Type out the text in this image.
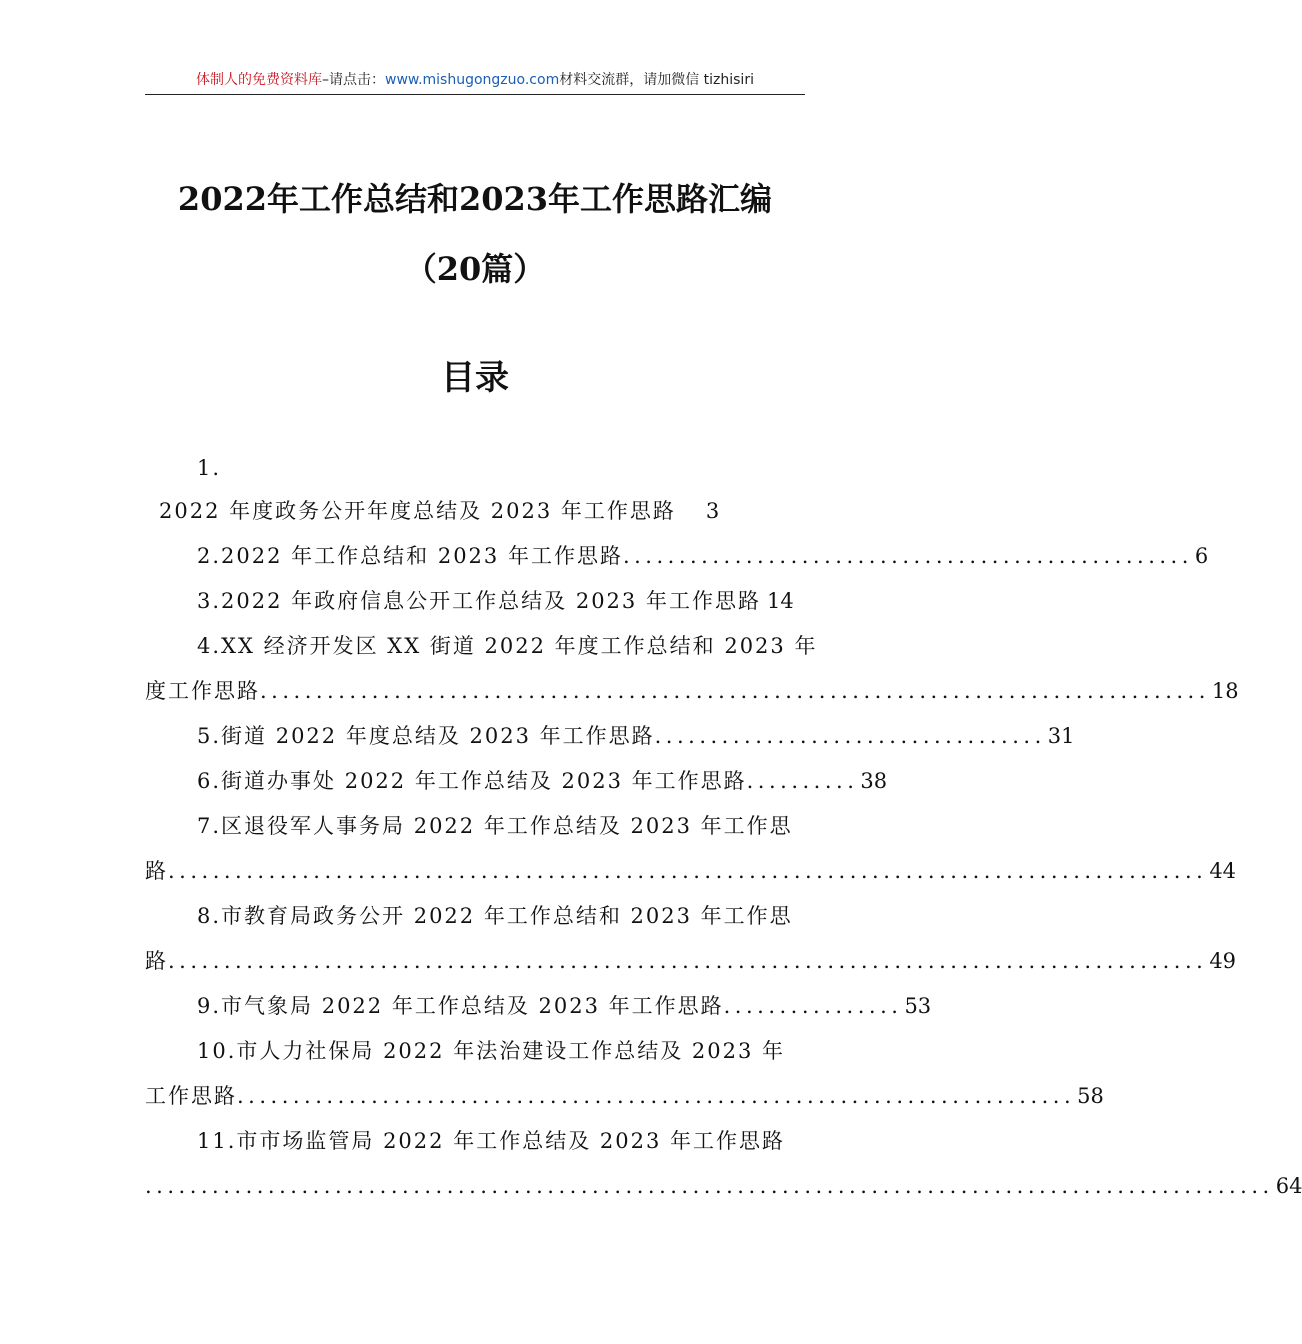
体制人的免费资料库–请点击：www.mishugongzuo.com材料交流群，请加微信 tizhisiri
2022年工作总结和2023年工作思路汇编
（20篇）
目录
1.
2022 年度政务公开年度总结及 2023 年工作思路	3
2.2022 年工作总结和 2023 年工作思路 ................................................... 6
3.2022 年政府信息公开工作总结及 2023 年工作思路 14
4.XX 经济开发区 XX 街道 2022 年度工作总结和 2023 年
度工作思路 ..................................................................................... 18
5.街道 2022 年度总结及 2023 年工作思路 ................................... 31
6.街道办事处 2022 年工作总结及 2023 年工作思路 .......... 38
7.区退役军人事务局 2022 年工作总结及 2023 年工作思
路 ............................................................................................. 44
8.市教育局政务公开 2022 年工作总结和 2023 年工作思
路 ............................................................................................. 49
9.市气象局 2022 年工作总结及 2023 年工作思路 ................ 53
10.市人力社保局 2022 年法治建设工作总结及 2023 年
工作思路 ........................................................................... 58
11.市市场监管局 2022 年工作总结及 2023 年工作思路
..................................................................................................... 64
